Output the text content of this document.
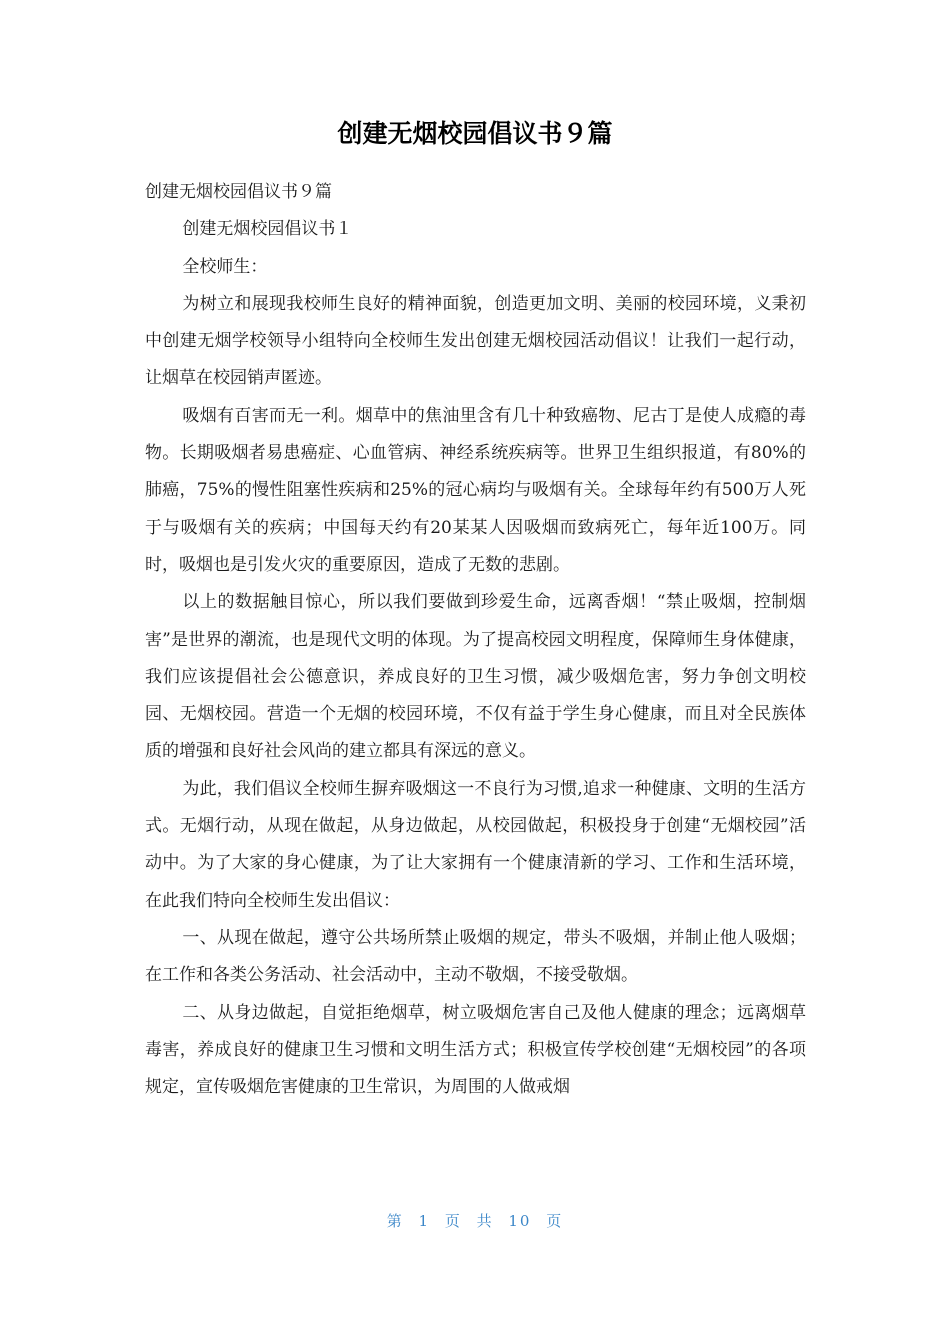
创建无烟校园倡议书９篇

创建无烟校园倡议书９篇

创建无烟校园倡议书１

全校师生：

为树立和展现我校师生良好的精神面貌，创造更加文明、美丽的校园环境，义秉初中创建无烟学校领导小组特向全校师生发出创建无烟校园活动倡议！让我们一起行动，让烟草在校园销声匿迹。

吸烟有百害而无一利。烟草中的焦油里含有几十种致癌物、尼古丁是使人成瘾的毒物。长期吸烟者易患癌症、心血管病、神经系统疾病等。世界卫生组织报道，有80%的肺癌，75%的慢性阻塞性疾病和25%的冠心病均与吸烟有关。全球每年约有500万人死于与吸烟有关的疾病；中国每天约有20某某人因吸烟而致病死亡，每年近100万。同时，吸烟也是引发火灾的重要原因，造成了无数的悲剧。

以上的数据触目惊心，所以我们要做到珍爱生命，远离香烟！“禁止吸烟，控制烟害”是世界的潮流，也是现代文明的体现。为了提高校园文明程度，保障师生身体健康，我们应该提倡社会公德意识，养成良好的卫生习惯，减少吸烟危害，努力争创文明校园、无烟校园。营造一个无烟的校园环境，不仅有益于学生身心健康，而且对全民族体质的增强和良好社会风尚的建立都具有深远的意义。

为此，我们倡议全校师生摒弃吸烟这一不良行为习惯,追求一种健康、文明的生活方式。无烟行动，从现在做起，从身边做起，从校园做起，积极投身于创建“无烟校园”活动中。为了大家的身心健康，为了让大家拥有一个健康清新的学习、工作和生活环境，在此我们特向全校师生发出倡议：

一、从现在做起，遵守公共场所禁止吸烟的规定，带头不吸烟，并制止他人吸烟；在工作和各类公务活动、社会活动中，主动不敬烟，不接受敬烟。

二、从身边做起，自觉拒绝烟草，树立吸烟危害自己及他人健康的理念；远离烟草毒害，养成良好的健康卫生习惯和文明生活方式；积极宣传学校创建“无烟校园”的各项规定，宣传吸烟危害健康的卫生常识，为周围的人做戒烟

第 1 页 共 10 页
